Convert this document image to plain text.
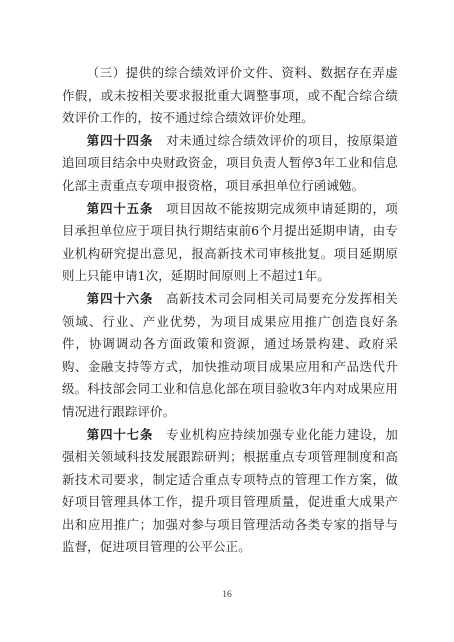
（三）提供的综合绩效评价文件、资料、数据存在弄虚作假，或未按相关要求报批重大调整事项，或不配合综合绩效评价工作的，按不通过综合绩效评价处理。

第四十四条  对未通过综合绩效评价的项目，按原渠道追回项目结余中央财政资金，项目负责人暂停3年工业和信息化部主责重点专项申报资格，项目承担单位行函诫勉。

第四十五条  项目因故不能按期完成须申请延期的，项目承担单位应于项目执行期结束前6个月提出延期申请，由专业机构研究提出意见，报高新技术司审核批复。项目延期原则上只能申请1次，延期时间原则上不超过1年。

第四十六条  高新技术司会同相关司局要充分发挥相关领域、行业、产业优势，为项目成果应用推广创造良好条件，协调调动各方面政策和资源，通过场景构建、政府采购、金融支持等方式，加快推动项目成果应用和产品迭代升级。科技部会同工业和信息化部在项目验收3年内对成果应用情况进行跟踪评价。

第四十七条  专业机构应持续加强专业化能力建设，加强相关领域科技发展跟踪研判；根据重点专项管理制度和高新技术司要求，制定适合重点专项特点的管理工作方案，做好项目管理具体工作，提升项目管理质量，促进重大成果产出和应用推广；加强对参与项目管理活动各类专家的指导与监督，促进项目管理的公平公正。

16
